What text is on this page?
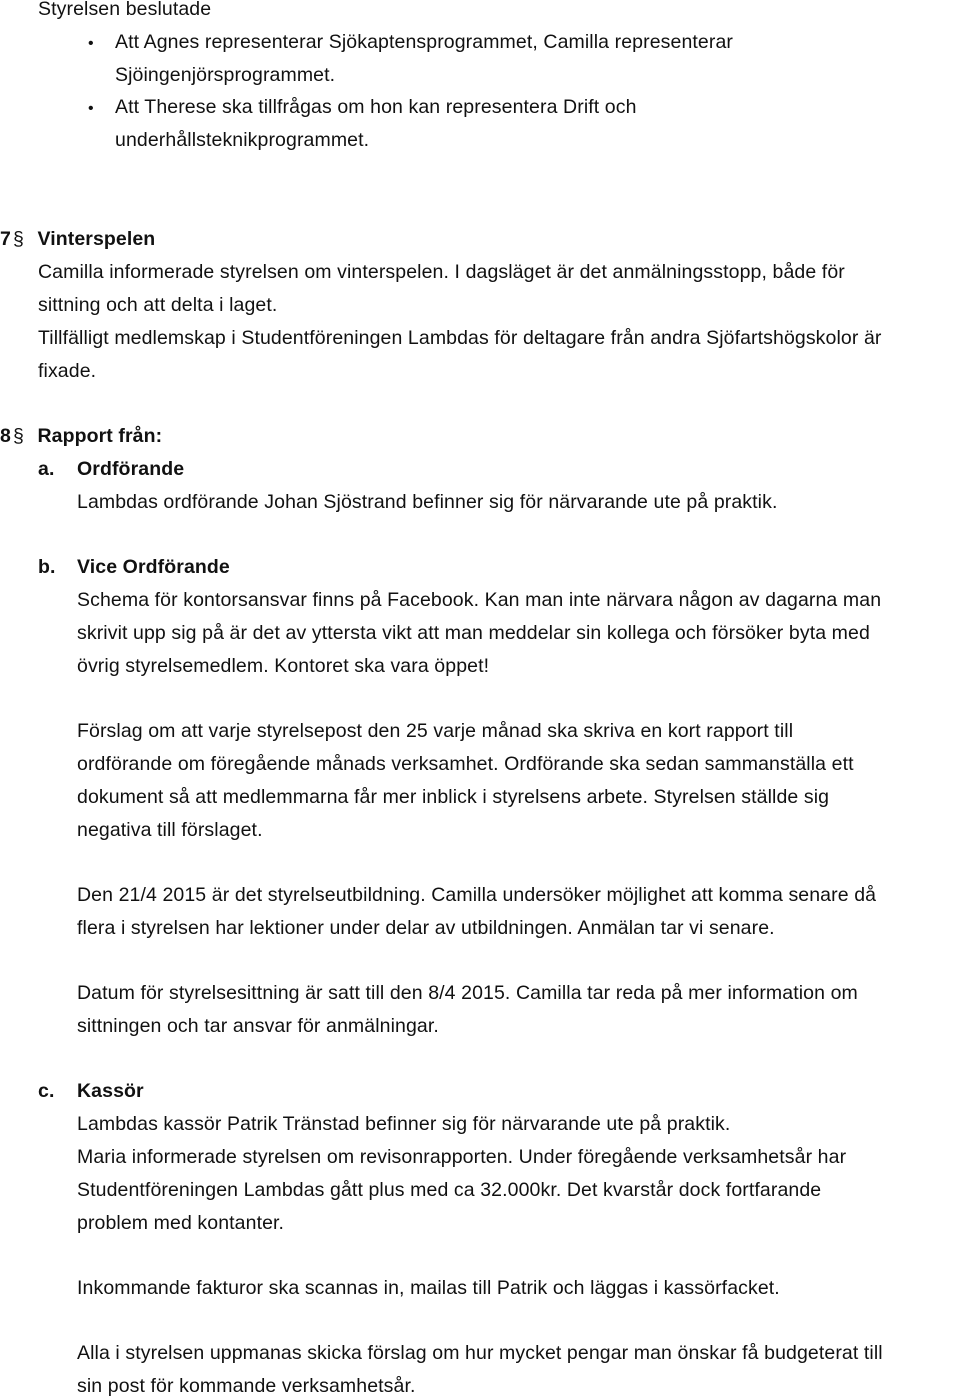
Styrelsen beslutade
• Att Agnes representerar Sjökaptensprogrammet, Camilla representerar
Sjöingenjörsprogrammet.
• Att Therese ska tillfrågas om hon kan representera Drift och
underhållsteknikprogrammet.
7 § Vinterspelen
Camilla informerade styrelsen om vinterspelen. I dagsläget är det anmälningsstopp, både för
sittning och att delta i laget.
Tillfälligt medlemskap i Studentföreningen Lambdas för deltagare från andra Sjöfartshögskolor är
fixade.
8 § Rapport från:
a. Ordförande
Lambdas ordförande Johan Sjöstrand befinner sig för närvarande ute på praktik.
b. Vice Ordförande
Schema för kontorsansvar finns på Facebook. Kan man inte närvara någon av dagarna man
skrivit upp sig på är det av yttersta vikt att man meddelar sin kollega och försöker byta med
övrig styrelsemedlem. Kontoret ska vara öppet!
Förslag om att varje styrelsepost den 25 varje månad ska skriva en kort rapport till
ordförande om föregående månads verksamhet. Ordförande ska sedan sammanställa ett
dokument så att medlemmarna får mer inblick i styrelsens arbete. Styrelsen ställde sig
negativa till förslaget.
Den 21/4 2015 är det styrelseutbildning. Camilla undersöker möjlighet att komma senare då
flera i styrelsen har lektioner under delar av utbildningen. Anmälan tar vi senare.
Datum för styrelsesittning är satt till den 8/4 2015. Camilla tar reda på mer information om
sittningen och tar ansvar för anmälningar.
c. Kassör
Lambdas kassör Patrik Tränstad befinner sig för närvarande ute på praktik.
Maria informerade styrelsen om revisonrapporten. Under föregående verksamhetsår har
Studentföreningen Lambdas gått plus med ca 32.000kr. Det kvarstår dock fortfarande
problem med kontanter.
Inkommande fakturor ska scannas in, mailas till Patrik och läggas i kassörfacket.
Alla i styrelsen uppmanas skicka förslag om hur mycket pengar man önskar få budgeterat till
sin post för kommande verksamhetsår.
